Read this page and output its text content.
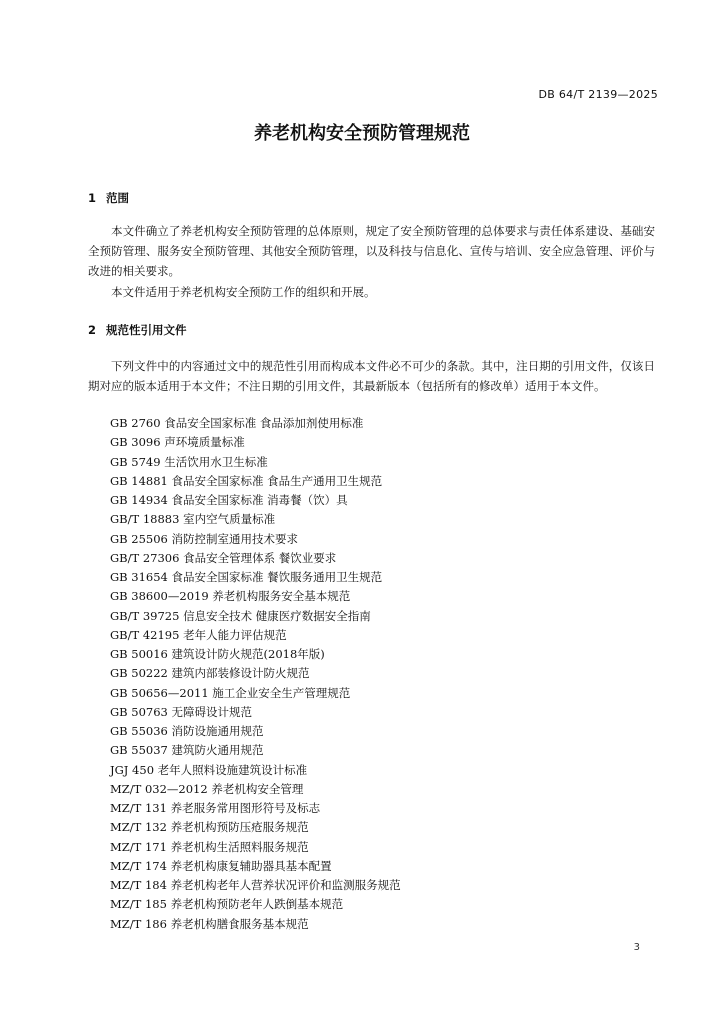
DB 64/T 2139—2025
养老机构安全预防管理规范
1 范围

本文件确立了养老机构安全预防管理的总体原则，规定了安全预防管理的总体要求与责任体系建设、基础安全预防管理、服务安全预防管理、其他安全预防管理，以及科技与信息化、宣传与培训、安全应急管理、评价与改进的相关要求。

本文件适用于养老机构安全预防工作的组织和开展。

2 规范性引用文件

下列文件中的内容通过文中的规范性引用而构成本文件必不可少的条款。其中，注日期的引用文件，仅该日期对应的版本适用于本文件；不注日期的引用文件，其最新版本（包括所有的修改单）适用于本文件。

GB 2760 食品安全国家标准 食品添加剂使用标准
GB 3096 声环境质量标准
GB 5749 生活饮用水卫生标准
GB 14881 食品安全国家标准 食品生产通用卫生规范
GB 14934 食品安全国家标准 消毒餐（饮）具
GB/T 18883 室内空气质量标准
GB 25506 消防控制室通用技术要求
GB/T 27306 食品安全管理体系 餐饮业要求
GB 31654 食品安全国家标准 餐饮服务通用卫生规范
GB 38600—2019 养老机构服务安全基本规范
GB/T 39725 信息安全技术 健康医疗数据安全指南
GB/T 42195 老年人能力评估规范
GB 50016 建筑设计防火规范(2018年版)
GB 50222 建筑内部装修设计防火规范
GB 50656—2011 施工企业安全生产管理规范
GB 50763 无障碍设计规范
GB 55036 消防设施通用规范
GB 55037 建筑防火通用规范
JGJ 450 老年人照料设施建筑设计标准
MZ/T 032—2012 养老机构安全管理
MZ/T 131 养老服务常用图形符号及标志
MZ/T 132 养老机构预防压疮服务规范
MZ/T 171 养老机构生活照料服务规范
MZ/T 174 养老机构康复辅助器具基本配置
MZ/T 184 养老机构老年人营养状况评价和监测服务规范
MZ/T 185 养老机构预防老年人跌倒基本规范
MZ/T 186 养老机构膳食服务基本规范
3
